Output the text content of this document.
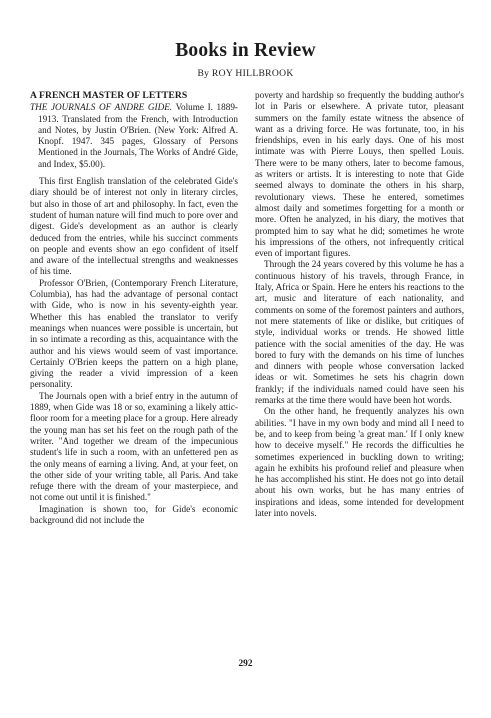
Books in Review
By ROY HILLBROOK
A FRENCH MASTER OF LETTERS
THE JOURNALS OF ANDRE GIDE. Volume I. 1889-1913. Translated from the French, with Introduction and Notes, by Justin O'Brien. (New York: Alfred A. Knopf. 1947. 345 pages, Glossary of Persons Mentioned in the Journals, The Works of André Gide, and Index, $5.00).

This first English translation of the celebrated Gide's diary should be of interest not only in literary circles, but also in those of art and philosophy. In fact, even the student of human nature will find much to pore over and digest. Gide's development as an author is clearly deduced from the entries, while his succinct comments on people and events show an ego confident of itself and aware of the intellectual strengths and weaknesses of his time.

Professor O'Brien, (Contemporary French Literature, Columbia), has had the advantage of personal contact with Gide, who is now in his seventy-eighth year. Whether this has enabled the translator to verify meanings when nuances were possible is uncertain, but in so intimate a recording as this, acquaintance with the author and his views would seem of vast importance. Certainly O'Brien keeps the pattern on a high plane, giving the reader a vivid impression of a keen personality.

The Journals open with a brief entry in the autumn of 1889, when Gide was 18 or so, examining a likely attic-floor room for a meeting place for a group. Here already the young man has set his feet on the rough path of the writer. "And together we dream of the impecunious student's life in such a room, with an unfettered pen as the only means of earning a living. And, at your feet, on the other side of your writing table, all Paris. And take refuge there with the dream of your masterpiece, and not come out until it is finished."

Imagination is shown too, for Gide's economic background did not include the

poverty and hardship so frequently the budding author's lot in Paris or elsewhere. A private tutor, pleasant summers on the family estate witness the absence of want as a driving force. He was fortunate, too, in his friendships, even in his early days. One of his most intimate was with Pierre Louys, then spelled Louis. There were to be many others, later to become famous, as writers or artists. It is interesting to note that Gide seemed always to dominate the others in his sharp, revolutionary views. These he entered, sometimes almost daily and sometimes forgetting for a month or more. Often he analyzed, in his diary, the motives that prompted him to say what he did; sometimes he wrote his impressions of the others, not infrequently critical even of important figures.

Through the 24 years covered by this volume he has a continuous history of his travels, through France, in Italy, Africa or Spain. Here he enters his reactions to the art, music and literature of each nationality, and comments on some of the foremost painters and authors, not mere statements of like or dislike, but critiques of style, individual works or trends. He showed little patience with the social amenities of the day. He was bored to fury with the demands on his time of lunches and dinners with people whose conversation lacked ideas or wit. Sometimes he sets his chagrin down frankly; if the individuals named could have seen his remarks at the time there would have been hot words.

On the other hand, he frequently analyzes his own abilities. "I have in my own body and mind all I need to be, and to keep from being 'a great man.' If I only knew how to deceive myself." He records the difficulties he sometimes experienced in buckling down to writing; again he exhibits his profound relief and pleasure when he has accomplished his stint. He does not go into detail about his own works, but he has many entries of inspirations and ideas, some intended for development later into novels.

292
